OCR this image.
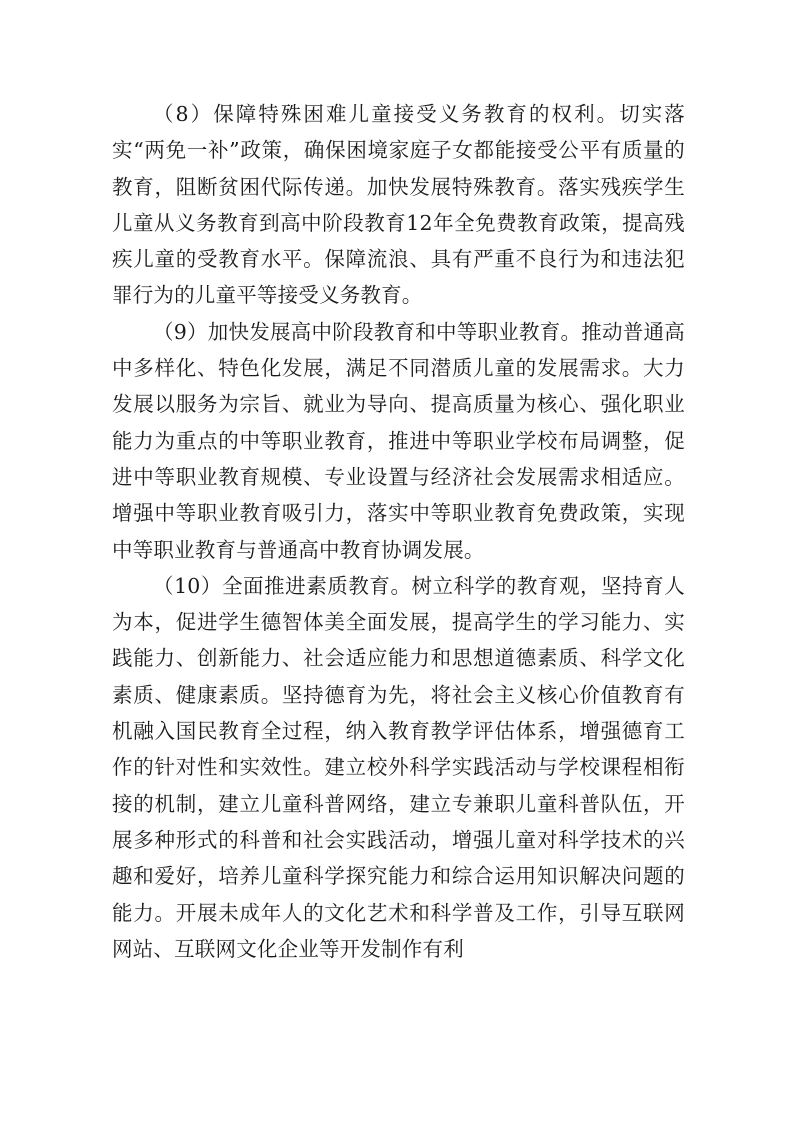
（8）保障特殊困难儿童接受义务教育的权利。切实落实“两免一补”政策，确保困境家庭子女都能接受公平有质量的教育，阻断贫困代际传递。加快发展特殊教育。落实残疾学生儿童从义务教育到高中阶段教育12年全免费教育政策，提高残疾儿童的受教育水平。保障流浪、具有严重不良行为和违法犯罪行为的儿童平等接受义务教育。

（9）加快发展高中阶段教育和中等职业教育。推动普通高中多样化、特色化发展，满足不同潜质儿童的发展需求。大力发展以服务为宗旨、就业为导向、提高质量为核心、强化职业能力为重点的中等职业教育，推进中等职业学校布局调整，促进中等职业教育规模、专业设置与经济社会发展需求相适应。增强中等职业教育吸引力，落实中等职业教育免费政策，实现中等职业教育与普通高中教育协调发展。

（10）全面推进素质教育。树立科学的教育观，坚持育人为本，促进学生德智体美全面发展，提高学生的学习能力、实践能力、创新能力、社会适应能力和思想道德素质、科学文化素质、健康素质。坚持德育为先，将社会主义核心价值教育有机融入国民教育全过程，纳入教育教学评估体系，增强德育工作的针对性和实效性。建立校外科学实践活动与学校课程相衔接的机制，建立儿童科普网络，建立专兼职儿童科普队伍，开展多种形式的科普和社会实践活动，增强儿童对科学技术的兴趣和爱好，培养儿童科学探究能力和综合运用知识解决问题的能力。开展未成年人的文化艺术和科学普及工作，引导互联网网站、互联网文化企业等开发制作有利
